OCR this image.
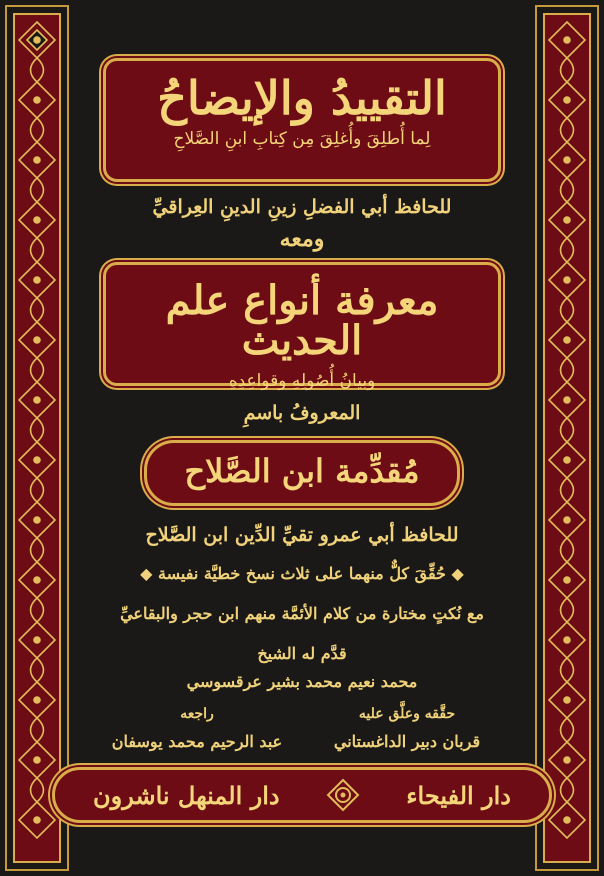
التقييدُ والإيضاحُ
لِما أُطلِقَ وأُغلِقَ مِن كِتابِ ابنِ الصَّلاحِ
للحافظ أبي الفضلِ زينِ الدينِ العِراقيِّ
ومعه
معرفة أنواع علم الحديث
وبيانُ أُصُولِهِ وقواعِدِهِ
المعروفُ باسمِ
مُقدِّمة ابن الصَّلاح
للحافظ أبي عمرو تقيِّ الدِّين ابن الصَّلاح
◆ حُقِّقَ كلٌّ منهما على ثلاث نسخ خطيَّة نفيسة ◆
مع نُكتٍ مختارة من كلام الأئمَّة منهم ابن حجر والبقاعيِّ
قدَّم له الشيخ
محمد نعيم محمد بشير عرقسوسي
حقَّقه وعلَّق عليهراجعه
قربان دبير الداغستانيعبد الرحيم محمد يوسفان
دار الفيحاء
دار المنهل ناشرون
